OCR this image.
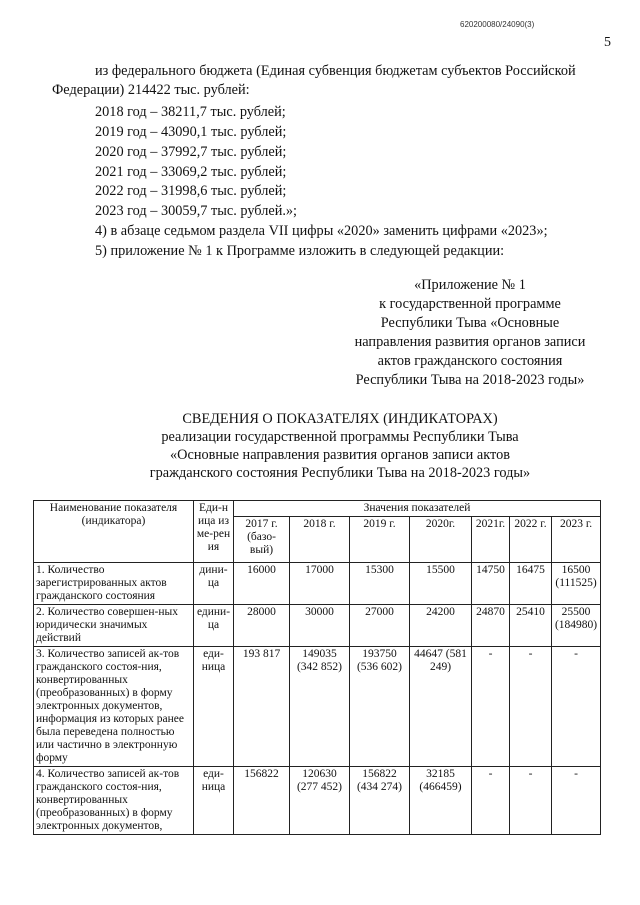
620200080/24090(3)
5
из федерального бюджета (Единая субвенция бюджетам субъектов Российской
Федерации) 214422 тыс. рублей:
2018 год – 38211,7 тыс. рублей;
2019 год – 43090,1 тыс. рублей;
2020 год – 37992,7 тыс. рублей;
2021 год – 33069,2 тыс. рублей;
2022 год – 31998,6 тыс. рублей;
2023 год – 30059,7 тыс. рублей.»;
4) в абзаце седьмом раздела VII цифры «2020» заменить цифрами «2023»;
5) приложение № 1 к Программе изложить в следующей редакции:
«Приложение № 1
к государственной программе
Республики Тыва «Основные
направления развития органов записи
актов гражданского состояния
Республики Тыва на 2018-2023 годы»
СВЕДЕНИЯ О ПОКАЗАТЕЛЯХ (ИНДИКАТОРАХ)
реализации государственной программы Республики Тыва
«Основные направления развития органов записи актов
гражданского состояния Республики Тыва на 2018-2023 годы»
Наименование показателя (индикатора)	Еди-ница изме-рения	Значения показателей						
		2017 г. (базо-вый)	2018 г.	2019 г.	2020г.	2021г.	2022 г.	2023 г.
1. Количество зарегистрированных актов гражданского состояния	дини-ца	16000	17000	15300	15500	14750	16475	16500 (111525)
2. Количество совершен-ных юридически значимых действий	едини-ца	28000	30000	27000	24200	24870	25410	25500 (184980)
3. Количество записей ак-тов гражданского состоя-ния, конвертированных (преобразованных) в форму электронных документов, информация из которых ранее была переведена полностью или частично в электронную форму	еди-ница	193 817	149035 (342 852)	193750 (536 602)	44647 (581 249)	-	-	-
4. Количество записей ак-тов гражданского состоя-ния, конвертированных (преобразованных) в форму электронных документов,	еди-ница	156822	120630 (277 452)	156822 (434 274)	32185 (466459)	-	-	-
